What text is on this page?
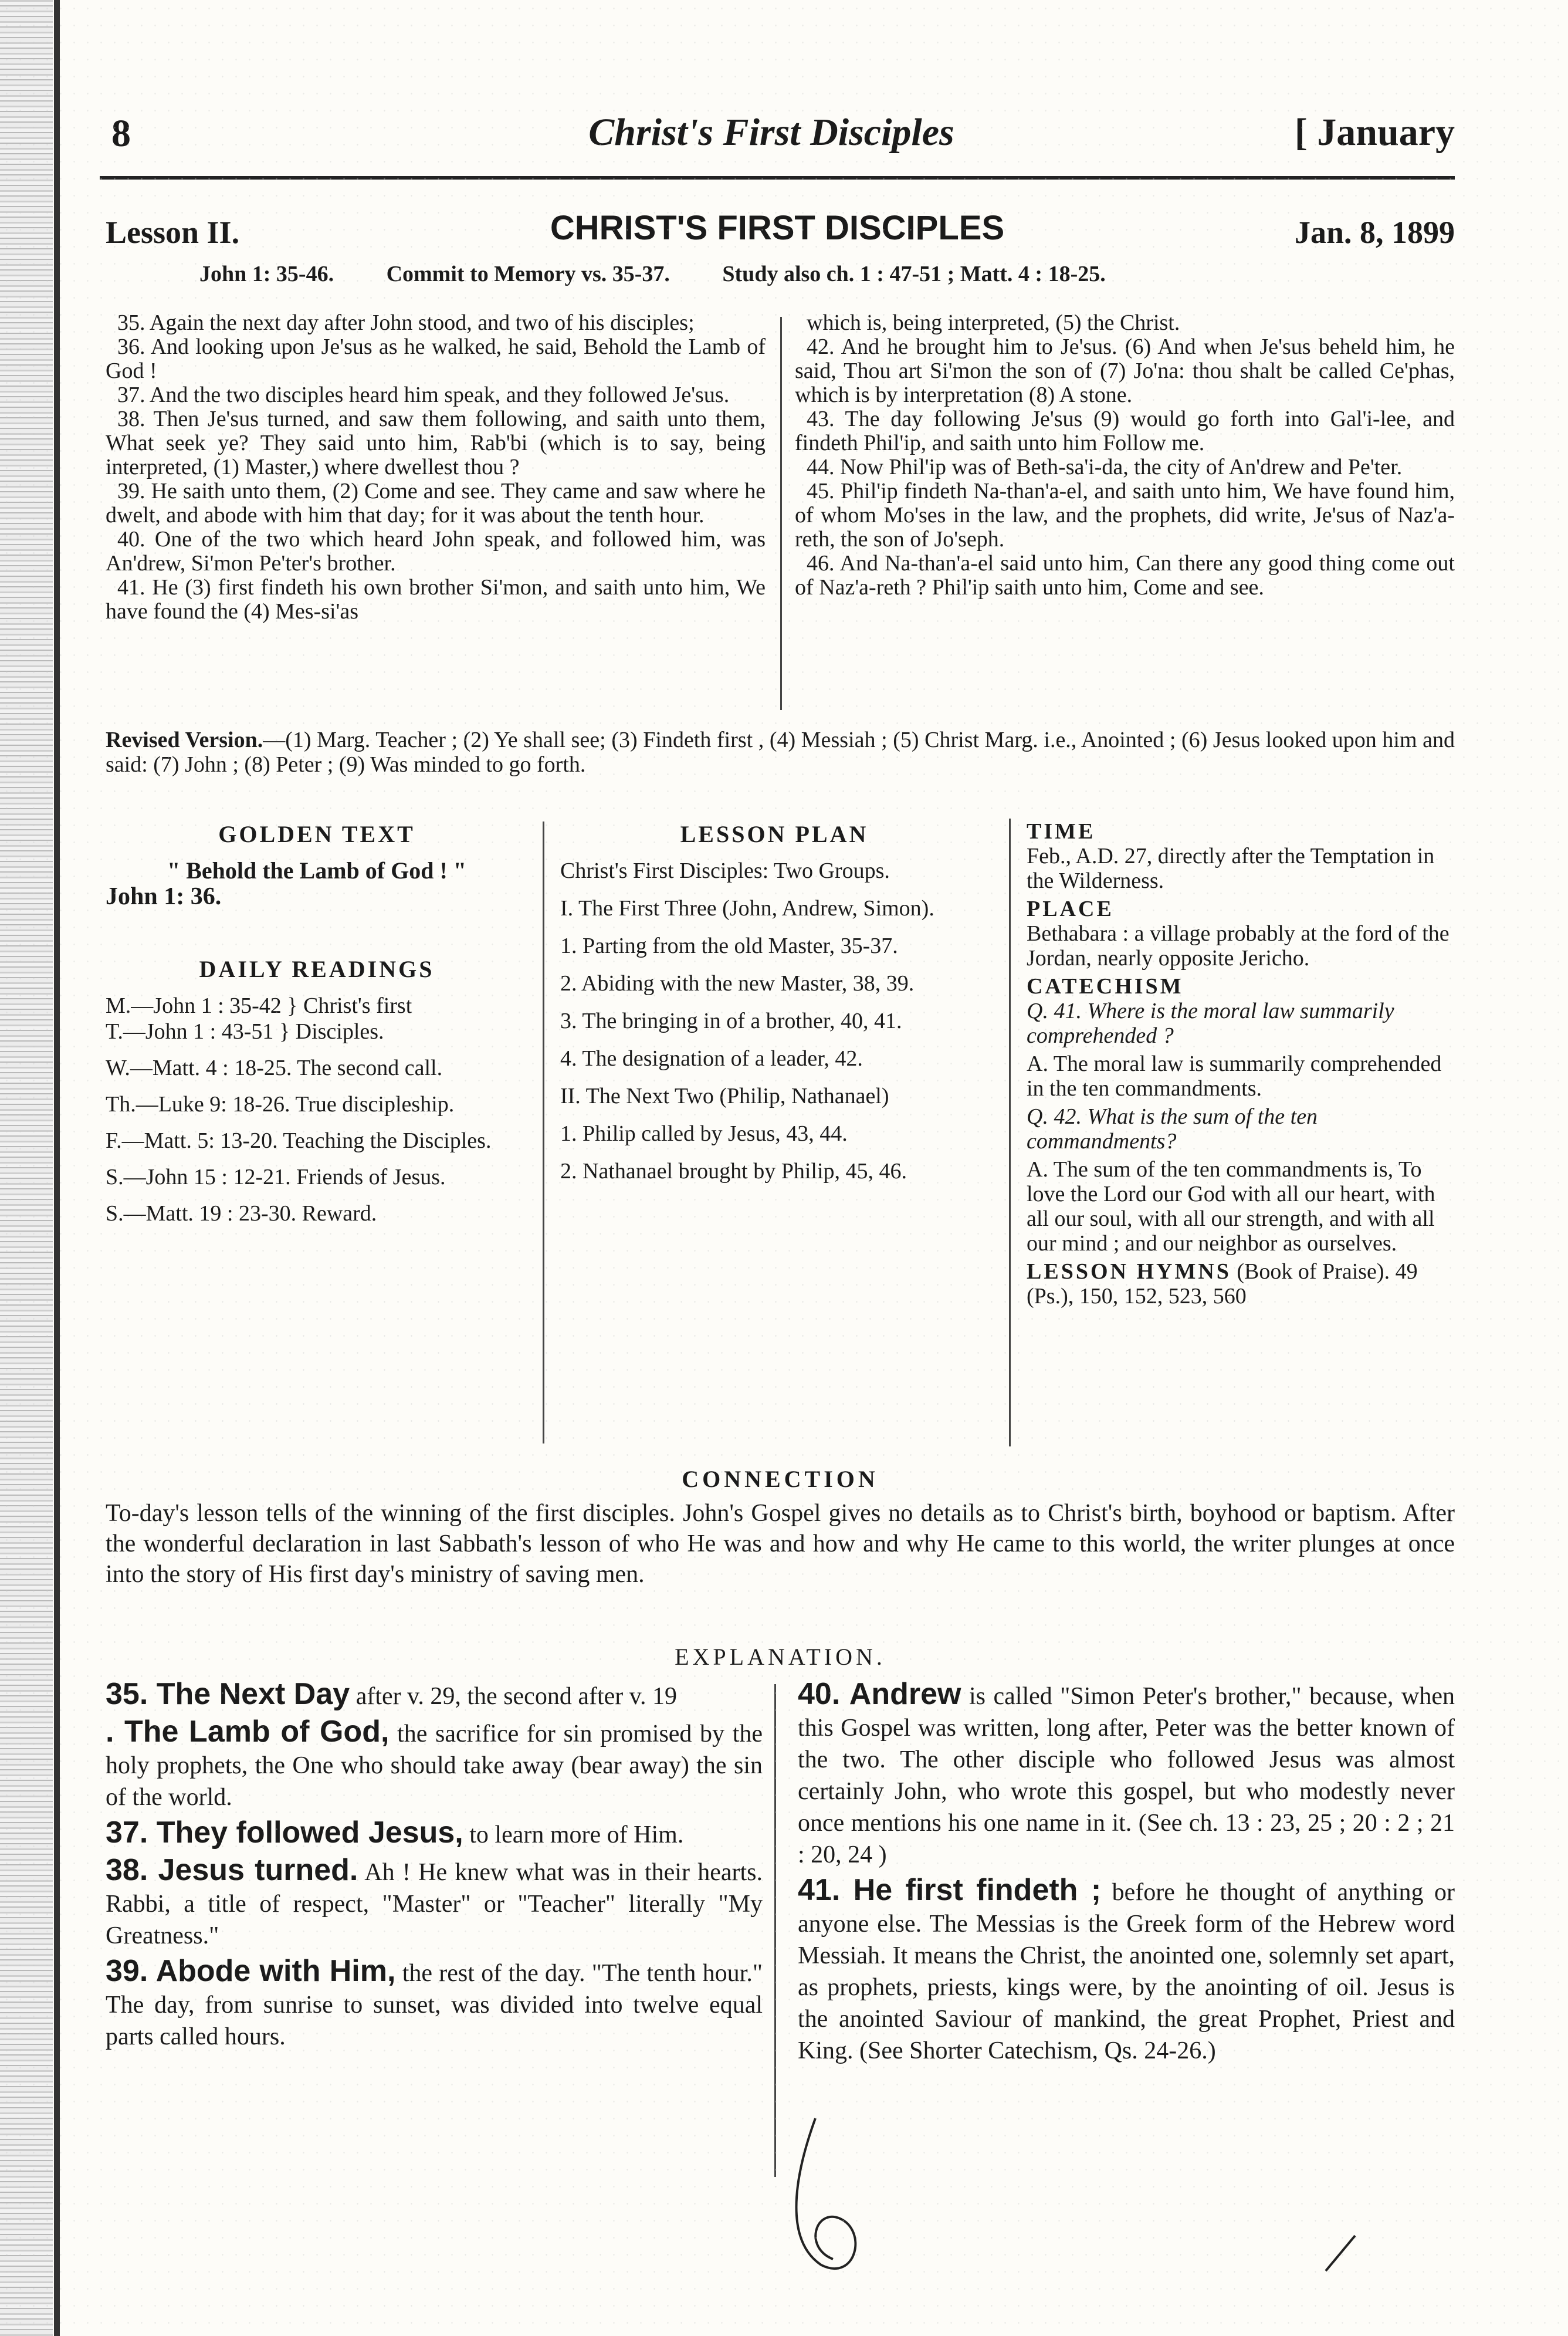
8	Christ's First Disciples	[ January
Lesson II.	CHRIST'S FIRST DISCIPLES	Jan. 8, 1899
John 1: 35-46. Commit to Memory vs. 35-37. Study also ch. 1 : 47-51 ; Matt. 4 : 18-25.

35. Again the next day after John stood, and two of his disciples;

36. And looking upon Je'sus as he walked, he said, Behold the Lamb of God !

37. And the two disciples heard him speak, and they followed Je'sus.

38. Then Je'sus turned, and saw them following, and saith unto them, What seek ye? They said unto him, Rab'bi (which is to say, being interpreted, (1) Master,) where dwellest thou ?

39. He saith unto them, (2) Come and see. They came and saw where he dwelt, and abode with him that day; for it was about the tenth hour.

40. One of the two which heard John speak, and followed him, was An'drew, Si'mon Pe'ter's brother.

41. He (3) first findeth his own brother Si'mon, and saith unto him, We have found the (4) Mes-si'as

which is, being interpreted, (5) the Christ.

42. And he brought him to Je'sus. (6) And when Je'sus beheld him, he said, Thou art Si'mon the son of (7) Jo'na: thou shalt be called Ce'phas, which is by interpretation (8) A stone.

43. The day following Je'sus (9) would go forth into Gal'i-lee, and findeth Phil'ip, and saith unto him Follow me.

44. Now Phil'ip was of Beth-sa'i-da, the city of An'drew and Pe'ter.

45. Phil'ip findeth Na-than'a-el, and saith unto him, We have found him, of whom Mo'ses in the law, and the prophets, did write, Je'sus of Naz'a-reth, the son of Jo'seph.

46. And Na-than'a-el said unto him, Can there any good thing come out of Naz'a-reth ? Phil'ip saith unto him, Come and see.

Revised Version.—(1) Marg. Teacher ; (2) Ye shall see; (3) Findeth first , (4) Messiah ; (5) Christ Marg. i.e., Anointed ; (6) Jesus looked upon him and said: (7) John ; (8) Peter ; (9) Was minded to go forth.
GOLDEN TEXT
" Behold the Lamb of God ! "
John 1: 36.
DAILY READINGS
M.—John 1 : 35-42 } Christ's first
T.—John 1 : 43-51 } Disciples.
W.—Matt. 4 : 18-25. The second call.
Th.—Luke 9: 18-26. True discipleship.
F.—Matt. 5: 13-20. Teaching the Disciples.
S.—John 15 : 12-21. Friends of Jesus.
S.—Matt. 19 : 23-30. Reward.
LESSON PLAN
Christ's First Disciples: Two Groups.
I. The First Three (John, Andrew, Simon).
1. Parting from the old Master, 35-37.
2. Abiding with the new Master, 38, 39.
3. The bringing in of a brother, 40, 41.
4. The designation of a leader, 42.
II. The Next Two (Philip, Nathanael)
1. Philip called by Jesus, 43, 44.
2. Nathanael brought by Philip, 45, 46.
TIME

Feb., A.D. 27, directly after the Temptation in the Wilderness.

PLACE

Bethabara : a village probably at the ford of the Jordan, nearly opposite Jericho.

CATECHISM

Q. 41. Where is the moral law summarily comprehended ?

A. The moral law is summarily comprehended in the ten commandments.

Q. 42. What is the sum of the ten commandments?

A. The sum of the ten commandments is, To love the Lord our God with all our heart, with all our soul, with all our strength, and with all our mind ; and our neighbor as ourselves.

LESSON HYMNS (Book of Praise). 49 (Ps.), 150, 152, 523, 560

CONNECTION
To-day's lesson tells of the winning of the first disciples. John's Gospel gives no details as to Christ's birth, boyhood or baptism. After the wonderful declaration in last Sabbath's lesson of who He was and how and why He came to this world, the writer plunges at once into the story of His first day's ministry of saving men.
EXPLANATION.

35. The Next Day after v. 29, the second after v. 19

. The Lamb of God, the sacrifice for sin promised by the holy prophets, the One who should take away (bear away) the sin of the world.

37. They followed Jesus, to learn more of Him.

38. Jesus turned. Ah ! He knew what was in their hearts. Rabbi, a title of respect, "Master" or "Teacher" literally "My Greatness."

39. Abode with Him, the rest of the day. "The tenth hour." The day, from sunrise to sunset, was divided into twelve equal parts called hours.

40. Andrew is called "Simon Peter's brother," because, when this Gospel was written, long after, Peter was the better known of the two. The other disciple who followed Jesus was almost certainly John, who wrote this gospel, but who modestly never once mentions his one name in it. (See ch. 13 : 23, 25 ; 20 : 2 ; 21 : 20, 24 )

41. He first findeth ; before he thought of anything or anyone else. The Messias is the Greek form of the Hebrew word Messiah. It means the Christ, the anointed one, solemnly set apart, as prophets, priests, kings were, by the anointing of oil. Jesus is the anointed Saviour of mankind, the great Prophet, Priest and King. (See Shorter Catechism, Qs. 24-26.)
